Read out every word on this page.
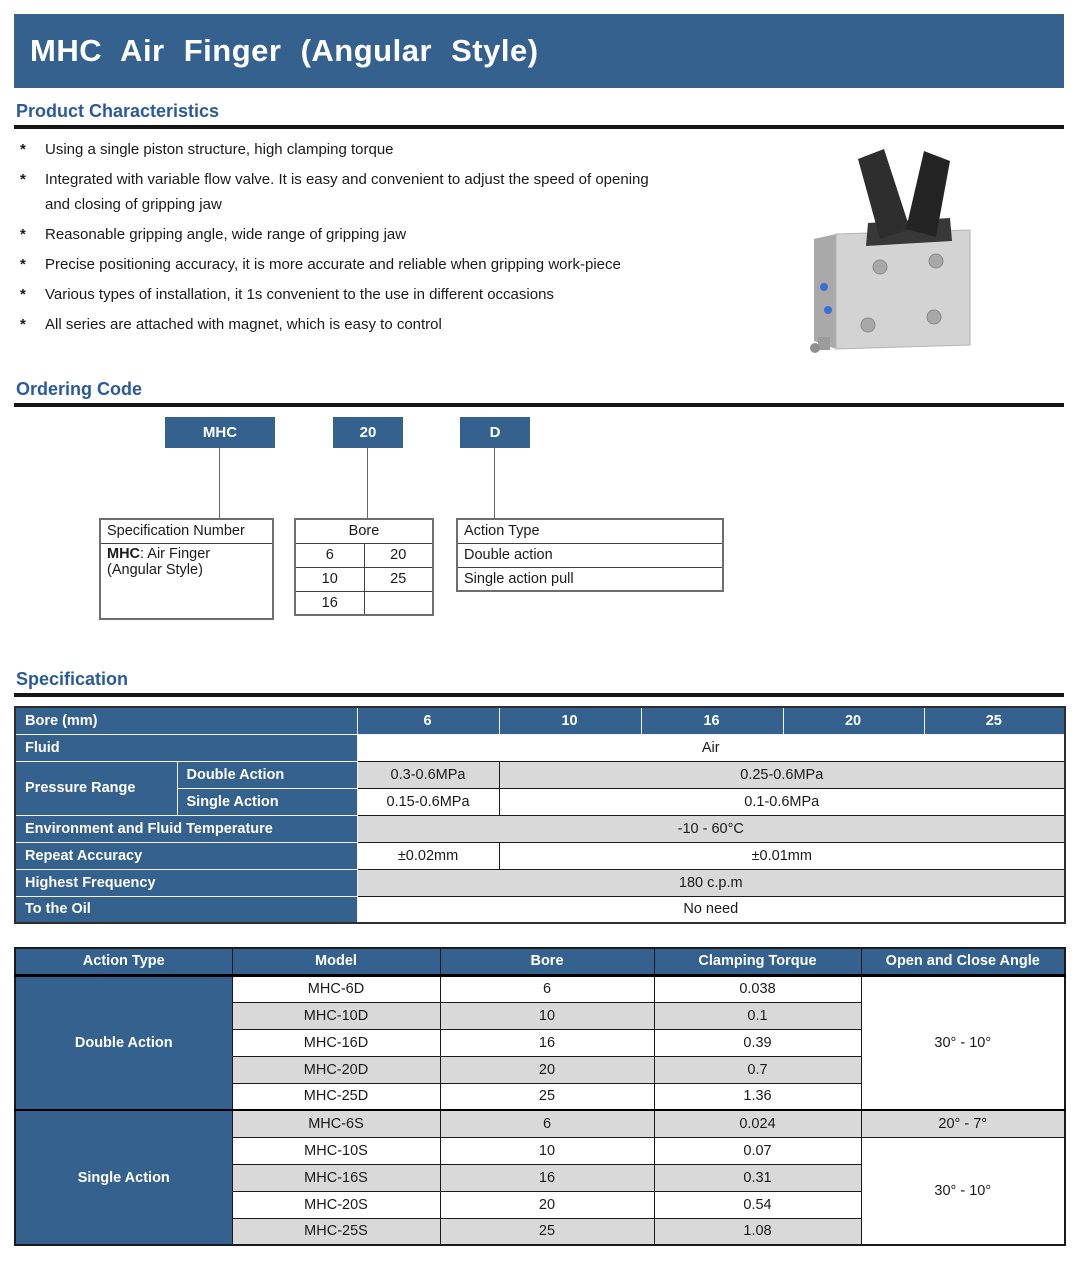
MHC Air Finger (Angular Style)
Product Characteristics
* Using a single piston structure, high clamping torque
* Integrated with variable flow valve. It is easy and convenient to adjust the speed of opening and closing of gripping jaw
* Reasonable gripping angle, wide range of gripping jaw
* Precise positioning accuracy, it is more accurate and reliable when gripping work-piece
* Various types of installation, it 1s convenient to the use in different occasions
* All series are attached with magnet, which is easy to control
Ordering Code
MHC	20	D
Specification Number
MHC: Air Finger
(Angular Style)
Bore	
6	20
10	25
16	
Action Type
Double action
Single action pull
Specification
Bore (mm)		6	10	16	20	25
Fluid		Air				
Pressure Range	Double Action	0.3-0.6MPa	0.25-0.6MPa			
	Single Action	0.15-0.6MPa	0.1-0.6MPa			
Environment and Fluid Temperature		-10 - 60°C				
Repeat Accuracy		±0.02mm	±0.01mm			
Highest Frequency		180 c.p.m				
To the Oil		No need				
Action Type	Model	Bore	Clamping Torque	Open and Close Angle
Double Action	MHC-6D	6	0.038	30° - 10°
	MHC-10D	10	0.1	
	MHC-16D	16	0.39	
	MHC-20D	20	0.7	
	MHC-25D	25	1.36	
Single Action	MHC-6S	6	0.024	20° - 7°
	MHC-10S	10	0.07	30° - 10°
	MHC-16S	16	0.31	
	MHC-20S	20	0.54	
	MHC-25S	25	1.08	
